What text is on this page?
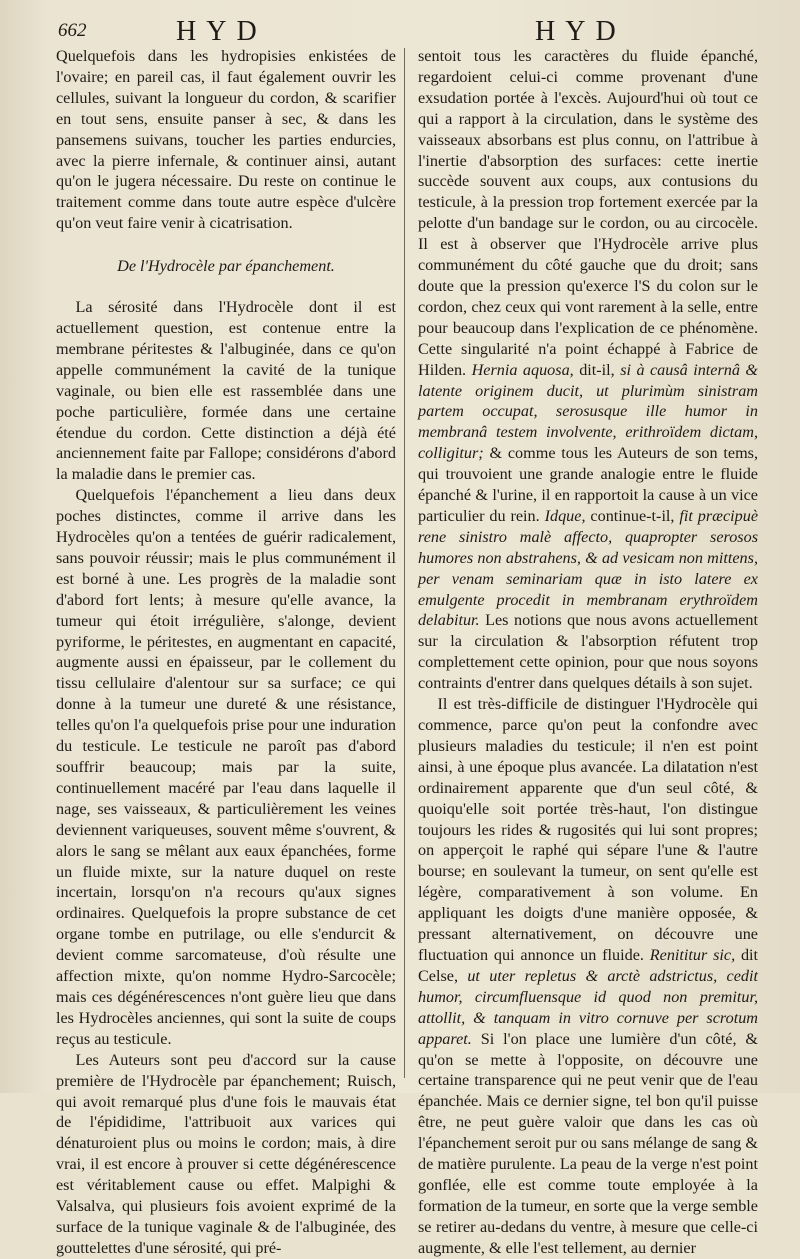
662	HYD	HYD

Quelquefois dans les hydropisies enkistées de l'ovaire; en pareil cas, il faut également ouvrir les cellules, suivant la longueur du cordon, & scarifier en tout sens, ensuite panser à sec, & dans les pansemens suivans, toucher les parties endurcies, avec la pierre infernale, & continuer ainsi, autant qu'on le jugera nécessaire. Du reste on continue le traitement comme dans toute autre espèce d'ulcère qu'on veut faire venir à cicatrisation.

De l'Hydrocèle par épanchement.

La sérosité dans l'Hydrocèle dont il est actuellement question, est contenue entre la membrane péritestes & l'albuginée, dans ce qu'on appelle communément la cavité de la tunique vaginale, ou bien elle est rassemblée dans une poche particulière, formée dans une certaine étendue du cordon. Cette distinction a déjà été anciennement faite par Fallope; considérons d'abord la maladie dans le premier cas.

Quelquefois l'épanchement a lieu dans deux poches distinctes, comme il arrive dans les Hydrocèles qu'on a tentées de guérir radicalement, sans pouvoir réussir; mais le plus communément il est borné à une. Les progrès de la maladie sont d'abord fort lents; à mesure qu'elle avance, la tumeur qui étoit irrégulière, s'alonge, devient pyriforme, le péritestes, en augmentant en capacité, augmente aussi en épaisseur, par le collement du tissu cellulaire d'alentour sur sa surface; ce qui donne à la tumeur une dureté & une résistance, telles qu'on l'a quelquefois prise pour une induration du testicule. Le testicule ne paroît pas d'abord souffrir beaucoup; mais par la suite, continuellement macéré par l'eau dans laquelle il nage, ses vaisseaux, & particulièrement les veines deviennent variqueuses, souvent même s'ouvrent, & alors le sang se mêlant aux eaux épanchées, forme un fluide mixte, sur la nature duquel on reste incertain, lorsqu'on n'a recours qu'aux signes ordinaires. Quelquefois la propre substance de cet organe tombe en putrilage, ou elle s'endurcit & devient comme sarcomateuse, d'où résulte une affection mixte, qu'on nomme Hydro-Sarcocèle; mais ces dégénérescences n'ont guère lieu que dans les Hydrocèles anciennes, qui sont la suite de coups reçus au testicule.

Les Auteurs sont peu d'accord sur la cause première de l'Hydrocèle par épanchement; Ruisch, qui avoit remarqué plus d'une fois le mauvais état de l'épididime, l'attribuoit aux varices qui dénaturoient plus ou moins le cordon; mais, à dire vrai, il est encore à prouver si cette dégénérescence est véritablement cause ou effet. Malpighi & Valsalva, qui plusieurs fois avoient exprimé de la surface de la tunique vaginale & de l'albuginée, des gouttelettes d'une sérosité, qui pré-

sentoit tous les caractères du fluide épanché, regardoient celui-ci comme provenant d'une exsudation portée à l'excès. Aujourd'hui où tout ce qui a rapport à la circulation, dans le système des vaisseaux absorbans est plus connu, on l'attribue à l'inertie d'absorption des surfaces: cette inertie succède souvent aux coups, aux contusions du testicule, à la pression trop fortement exercée par la pelotte d'un bandage sur le cordon, ou au circocèle. Il est à observer que l'Hydrocèle arrive plus communément du côté gauche que du droit; sans doute que la pression qu'exerce l'S du colon sur le cordon, chez ceux qui vont rarement à la selle, entre pour beaucoup dans l'explication de ce phénomène. Cette singularité n'a point échappé à Fabrice de Hilden. Hernia aquosa, dit-il, si à causâ internâ & latente originem ducit, ut plurimùm sinistram partem occupat, serosusque ille humor in membranâ testem involvente, erithroïdem dictam, colligitur; & comme tous les Auteurs de son tems, qui trouvoient une grande analogie entre le fluide épanché & l'urine, il en rapportoit la cause à un vice particulier du rein. Idque, continue-t-il, fit præcipuè rene sinistro malè affecto, quapropter serosos humores non abstrahens, & ad vesicam non mittens, per venam seminariam quæ in isto latere ex emulgente procedit in membranam erythroïdem delabitur. Les notions que nous avons actuellement sur la circulation & l'absorption réfutent trop complettement cette opinion, pour que nous soyons contraints d'entrer dans quelques détails à son sujet.

Il est très-difficile de distinguer l'Hydrocèle qui commence, parce qu'on peut la confondre avec plusieurs maladies du testicule; il n'en est point ainsi, à une époque plus avancée. La dilatation n'est ordinairement apparente que d'un seul côté, & quoiqu'elle soit portée très-haut, l'on distingue toujours les rides & rugosités qui lui sont propres; on apperçoit le raphé qui sépare l'une & l'autre bourse; en soulevant la tumeur, on sent qu'elle est légère, comparativement à son volume. En appliquant les doigts d'une manière opposée, & pressant alternativement, on découvre une fluctuation qui annonce un fluide. Renititur sic, dit Celse, ut uter repletus & arctè adstrictus, cedit humor, circumfluensque id quod non premitur, attollit, & tanquam in vitro cornuve per scrotum apparet. Si l'on place une lumière d'un côté, & qu'on se mette à l'opposite, on découvre une certaine transparence qui ne peut venir que de l'eau épanchée. Mais ce dernier signe, tel bon qu'il puisse être, ne peut guère valoir que dans les cas où l'épanchement seroit pur ou sans mélange de sang & de matière purulente. La peau de la verge n'est point gonflée, elle est comme toute employée à la formation de la tumeur, en sorte que la verge semble se retirer au-dedans du ventre, à mesure que celle-ci augmente, & elle l'est tellement, au dernier
